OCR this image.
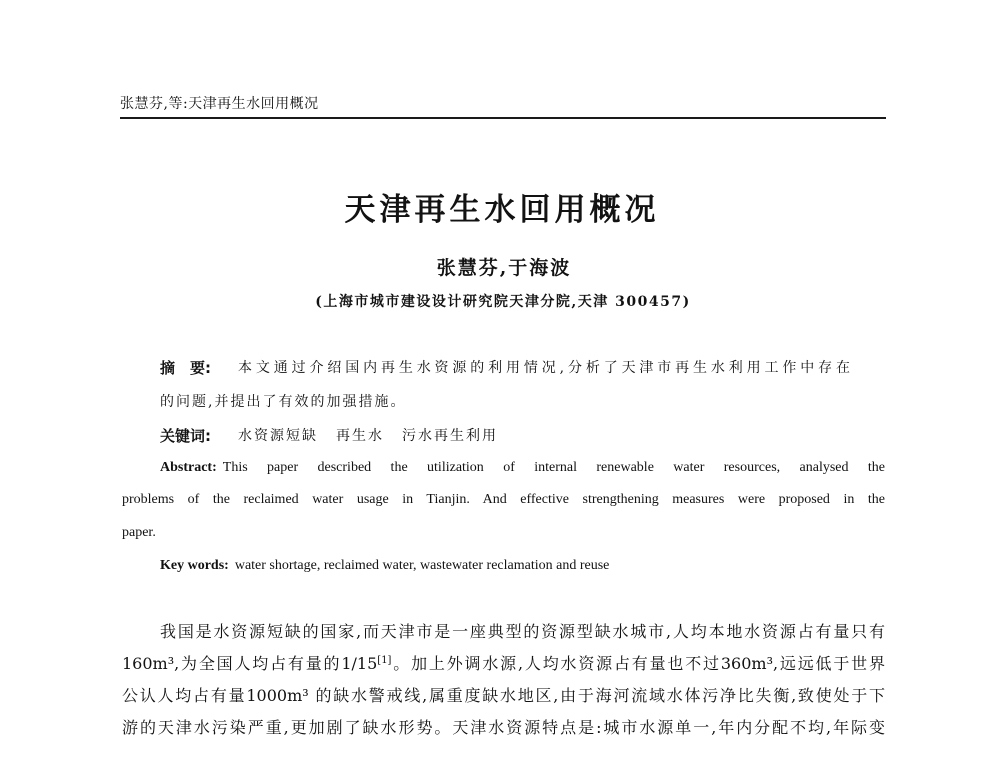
张慧芬,等:天津再生水回用概况
天津再生水回用概况
张慧芬,于海波
(上海市城市建设设计研究院天津分院,天津 300457)
摘　要:	本文通过介绍国内再生水资源的利用情况,分析了天津市再生水利用工作中存在
的问题,并提出了有效的加强措施。
关键词:	水资源短缺 再生水 污水再生利用
Abstract: This paper described the utilization of internal renewable water resources, analysed the
problems of the reclaimed water usage in Tianjin. And effective strengthening measures were proposed in the
paper.
Key words: water shortage, reclaimed water, wastewater reclamation and reuse
我国是水资源短缺的国家,而天津市是一座典型的资源型缺水城市,人均本地水资源占有量只有
160m³,为全国人均占有量的1/15[1]。加上外调水源,人均水资源占有量也不过360m³,远远低于世界
公认人均占有量1000m³ 的缺水警戒线,属重度缺水地区,由于海河流域水体污净比失衡,致使处于下
游的天津水污染严重,更加剧了缺水形势。天津水资源特点是:城市水源单一,年内分配不均,年际变
